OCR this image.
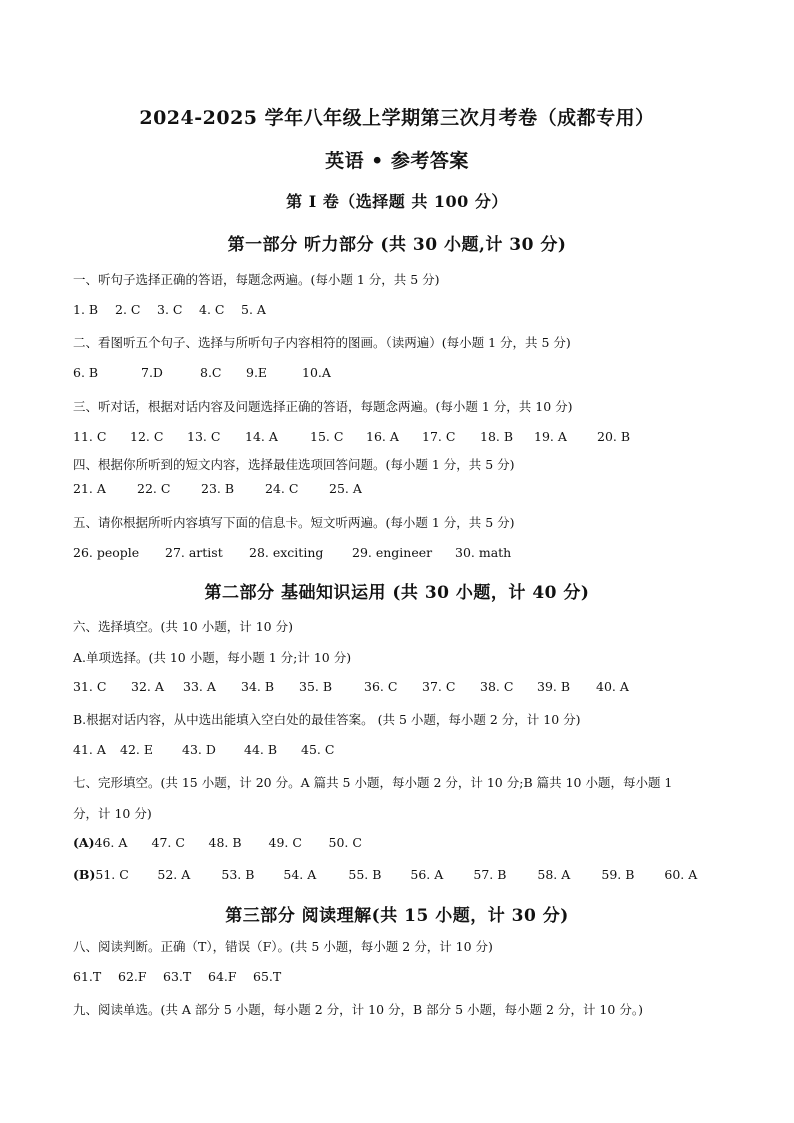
2024-2025 学年八年级上学期第三次月考卷（成都专用）
英语 • 参考答案
第 I 卷（选择题 共 100 分）
第一部分 听力部分 (共 30 小题,计 30 分)
一、听句子选择正确的答语，每题念两遍。(每小题 1 分，共 5 分)
1. B 2. C 3. C 4. C 5. A
二、看图听五个句子、选择与所听句子内容相符的图画。（读两遍）(每小题 1 分，共 5 分)
6. B	7.D	8.C 9.E	10.A
三、听对话，根据对话内容及问题选择正确的答语，每题念两遍。(每小题 1 分，共 10 分)
11. C 12. C 13. C 14. A	15. C 16. A 17. C 18. B 19. A 20. B
四、根据你所听到的短文内容，选择最佳选项回答问题。(每小题 1 分，共 5 分)
21. A 22. C 23. B 24. C 25. A
五、请你根据所听内容填写下面的信息卡。短文听两遍。(每小题 1 分，共 5 分)
26. people 27. artist 28. exciting 29. engineer 30. math
第二部分 基础知识运用 (共 30 小题，计 40 分)
六、选择填空。(共 10 小题，计 10 分)
A.单项选择。(共 10 小题，每小题 1 分;计 10 分)
31. C 32. A 33. A 34. B 35. B	36. C 37. C 38. C 39. B 40. A
B.根据对话内容，从中选出能填入空白处的最佳答案。 (共 5 小题，每小题 2 分，计 10 分)
41. A 42. E 43. D 44. B 45. C
七、完形填空。(共 15 小题，计 20 分。A 篇共 5 小题，每小题 2 分，计 10 分;B 篇共 10 小题，每小题 1
分，计 10 分)
(A)46. A 47. C 48. B 49. C 50. C
(B)51. C 52. A 53. B 54. A	55. B 56. A 57. B 58. A 59. B 60. A
第三部分 阅读理解(共 15 小题，计 30 分)
八、阅读判断。正确（T），错误（F）。(共 5 小题，每小题 2 分，计 10 分)
61.T 62.F 63.T 64.F 65.T
九、阅读单选。(共 A 部分 5 小题，每小题 2 分，计 10 分，B 部分 5 小题，每小题 2 分，计 10 分。)
